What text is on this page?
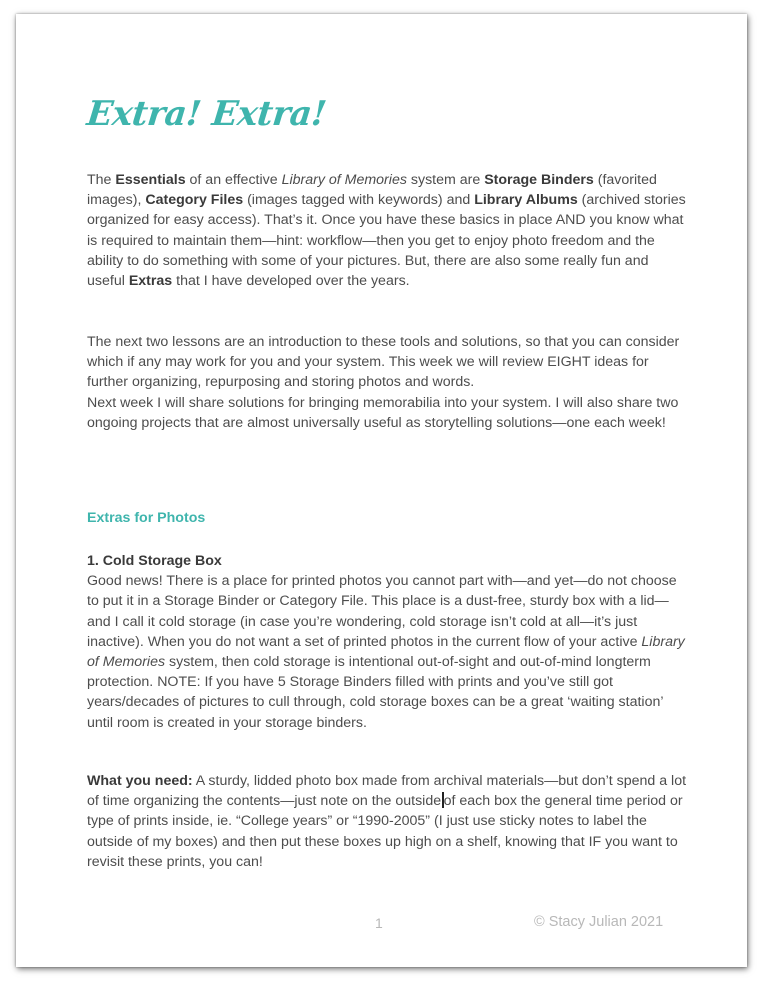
Extra! Extra!

The Essentials of an effective Library of Memories system are Storage Binders (favorited images), Category Files (images tagged with keywords) and Library Albums (archived stories organized for easy access). That’s it. Once you have these basics in place AND you know what is required to maintain them—hint: workflow—then you get to enjoy photo freedom and the ability to do something with some of your pictures. But, there are also some really fun and useful Extras that I have developed over the years.

The next two lessons are an introduction to these tools and solutions, so that you can consider which if any may work for you and your system. This week we will review EIGHT ideas for further organizing, repurposing and storing photos and words.
Next week I will share solutions for bringing memorabilia into your system. I will also share two ongoing projects that are almost universally useful as storytelling solutions—one each week!

Extras for Photos

1. Cold Storage Box
Good news! There is a place for printed photos you cannot part with—and yet—do not choose to put it in a Storage Binder or Category File. This place is a dust-free, sturdy box with a lid—and I call it cold storage (in case you’re wondering, cold storage isn’t cold at all—it’s just inactive). When you do not want a set of printed photos in the current flow of your active Library of Memories system, then cold storage is intentional out-of-sight and out-of-mind longterm protection. NOTE: If you have 5 Storage Binders filled with prints and you’ve still got years/decades of pictures to cull through, cold storage boxes can be a great ‘waiting station’ until room is created in your storage binders.

What you need: A sturdy, lidded photo box made from archival materials—but don’t spend a lot of time organizing the contents—just note on the outside of each box the general time period or type of prints inside, ie. “College years” or “1990-2005” (I just use sticky notes to label the outside of my boxes) and then put these boxes up high on a shelf, knowing that IF you want to revisit these prints, you can!

1	© Stacy Julian 2021
